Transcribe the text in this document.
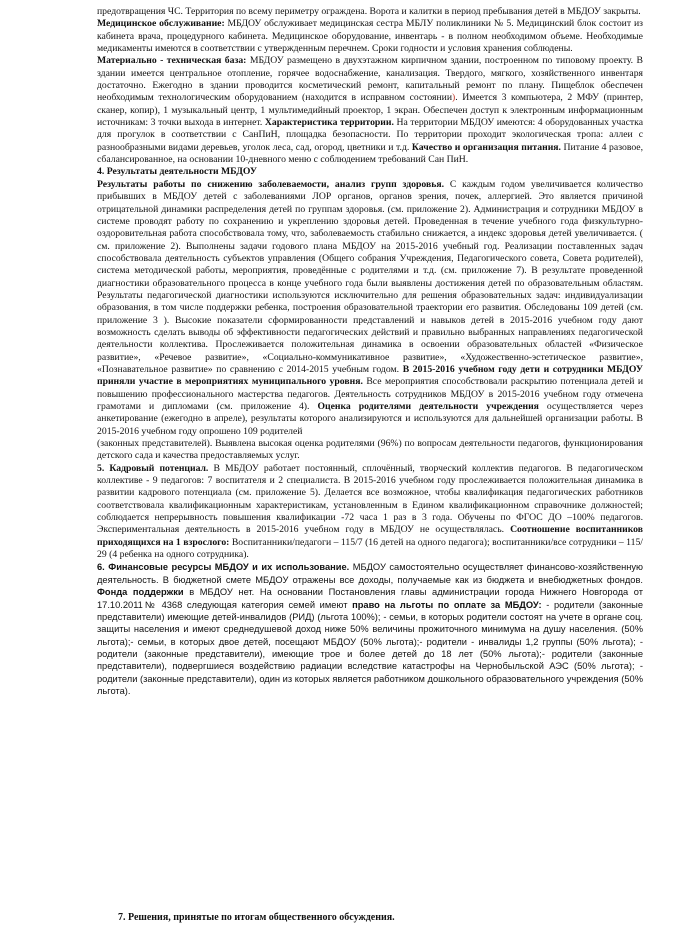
предотвращения ЧС. Территория по всему периметру ограждена. Ворота и калитки в период пребывания детей в МБДОУ закрыты.

Медицинское обслуживание: МБДОУ обслуживает медицинская сестра МБЛУ поликлиники № 5. Медицинский блок состоит из кабинета врача, процедурного кабинета. Медицинское оборудование, инвентарь - в полном необходимом объеме. Необходимые медикаменты имеются в соответствии с утвержденным перечнем. Сроки годности и условия хранения соблюдены.

Материально - техническая база: МБДОУ размещено в двухэтажном кирпичном здании, построенном по типовому проекту. В здании имеется центральное отопление, горячее водоснабжение, канализация. Твердого, мягкого, хозяйственного инвентаря достаточно. Ежегодно в здании проводится косметический ремонт, капитальный ремонт по плану. Пищеблок обеспечен необходимым технологическим оборудованием (находится в исправном состоянии). Имеется 3 компьютера, 2 МФУ (принтер, сканер, копир), 1 музыкальный центр, 1 мультимедийный проектор, 1 экран. Обеспечен доступ к электронным информационным источникам: 3 точки выхода в интернет. Характеристика территории. На территории МБДОУ имеются: 4 оборудованных участка для прогулок в соответствии с СанПиН, площадка безопасности. По территории проходит экологическая тропа: аллеи с разнообразными видами деревьев, уголок леса, сад, огород, цветники и т.д. Качество и организация питания. Питание 4 разовое, сбалансированное, на основании 10-дневного меню с соблюдением требований Сан ПиН.

4. Результаты деятельности МБДОУ

Результаты работы по снижению заболеваемости, анализ групп здоровья. С каждым годом увеличивается количество прибывших в МБДОУ детей с заболеваниями ЛОР органов, органов зрения, почек, аллергией. Это является причиной отрицательной динамики распределения детей по группам здоровья. (см. приложение 2). Администрация и сотрудники МБДОУ в системе проводят работу по сохранению и укреплению здоровья детей. Проведенная в течение учебного года физкультурно-оздоровительная работа способствовала тому, что, заболеваемость стабильно снижается, а индекс здоровья детей увеличивается. ( см. приложение 2). Выполнены задачи годового плана МБДОУ на 2015-2016 учебный год. Реализации поставленных задач способствовала деятельность субъектов управления (Общего собрания Учреждения, Педагогического совета, Совета родителей), система методической работы, мероприятия, проведённые с родителями и т.д. (см. приложение 7). В результате проведенной диагностики образовательного процесса в конце учебного года были выявлены достижения детей по образовательным областям. Результаты педагогической диагностики используются исключительно для решения образовательных задач: индивидуализации образования, в том числе поддержки ребенка, построения образовательной траектории его развития. Обследованы 109 детей (см. приложение 3 ). Высокие показатели сформированности представлений и навыков детей в 2015-2016 учебном году дают возможность сделать выводы об эффективности педагогических действий и правильно выбранных направлениях педагогической деятельности коллектива. Прослеживается положительная динамика в освоении образовательных областей «Физическое развитие», «Речевое развитие», «Социально-коммуникативное развитие», «Художественно-эстетическое развитие», «Познавательное развитие» по сравнению с 2014-2015 учебным годом. В 2015-2016 учебном году дети и сотрудники МБДОУ приняли участие в мероприятиях муниципального уровня. Все мероприятия способствовали раскрытию потенциала детей и повышению профессионального мастерства педагогов. Деятельность сотрудников МБДОУ в 2015-2016 учебном году отмечена грамотами и дипломами (см. приложение 4). Оценка родителями деятельности учреждения осуществляется через анкетирование (ежегодно в апреле), результаты которого анализируются и используются для дальнейшей организации работы. В 2015-2016 учебном году опрошено 109 родителей

(законных представителей). Выявлена высокая оценка родителями (96%) по вопросам деятельности педагогов, функционирования детского сада и качества предоставляемых услуг.

5. Кадровый потенциал. В МБДОУ работает постоянный, сплочённый, творческий коллектив педагогов. В педагогическом коллективе - 9 педагогов: 7 воспитателя и 2 специалиста. В 2015-2016 учебном году прослеживается положительная динамика в развитии кадрового потенциала (см. приложение 5). Делается все возможное, чтобы квалификация педагогических работников соответствовала квалификационным характеристикам, установленным в Едином квалификационном справочнике должностей; соблюдается непрерывность повышения квалификации -72 часа 1 раз в 3 года. Обучены по ФГОС ДО –100% педагогов. Экспериментальная деятельность в 2015-2016 учебном году в МБДОУ не осуществлялась. Соотношение воспитанников приходящихся на 1 взрослого: Воспитанники/педагоги – 115/7 (16 детей на одного педагога); воспитанники/все сотрудники – 115/ 29 (4 ребенка на одного сотрудника).

6. Финансовые ресурсы МБДОУ и их использование. МБДОУ самостоятельно осуществляет финансово-хозяйственную деятельность. В бюджетной смете МБДОУ отражены все доходы, получаемые как из бюджета и внебюджетных фондов. Фонда поддержки в МБДОУ нет. На основании Постановления главы администрации города Нижнего Новгорода от 17.10.2011№ 4368 следующая категория семей имеют право на льготы по оплате за МБДОУ: - родители (законные представители) имеющие детей-инвалидов (РИД) (льгота 100%); - семьи, в которых родители состоят на учете в органе соц. защиты населения и имеют среднедушевой доход ниже 50% величины прожиточного минимума на душу населения. (50% льгота);- семьи, в которых двое детей, посещают МБДОУ (50% льгота);- родители - инвалиды 1,2 группы (50% льгота); - родители (законные представители), имеющие трое и более детей до 18 лет (50% льгота);- родители (законные представители), подвергшиеся воздействию радиации вследствие катастрофы на Чернобыльской АЭС (50% льгота); - родители (законные представители), один из которых является работником дошкольного образовательного учреждения (50% льгота).

7. Решения, принятые по итогам общественного обсуждения.
